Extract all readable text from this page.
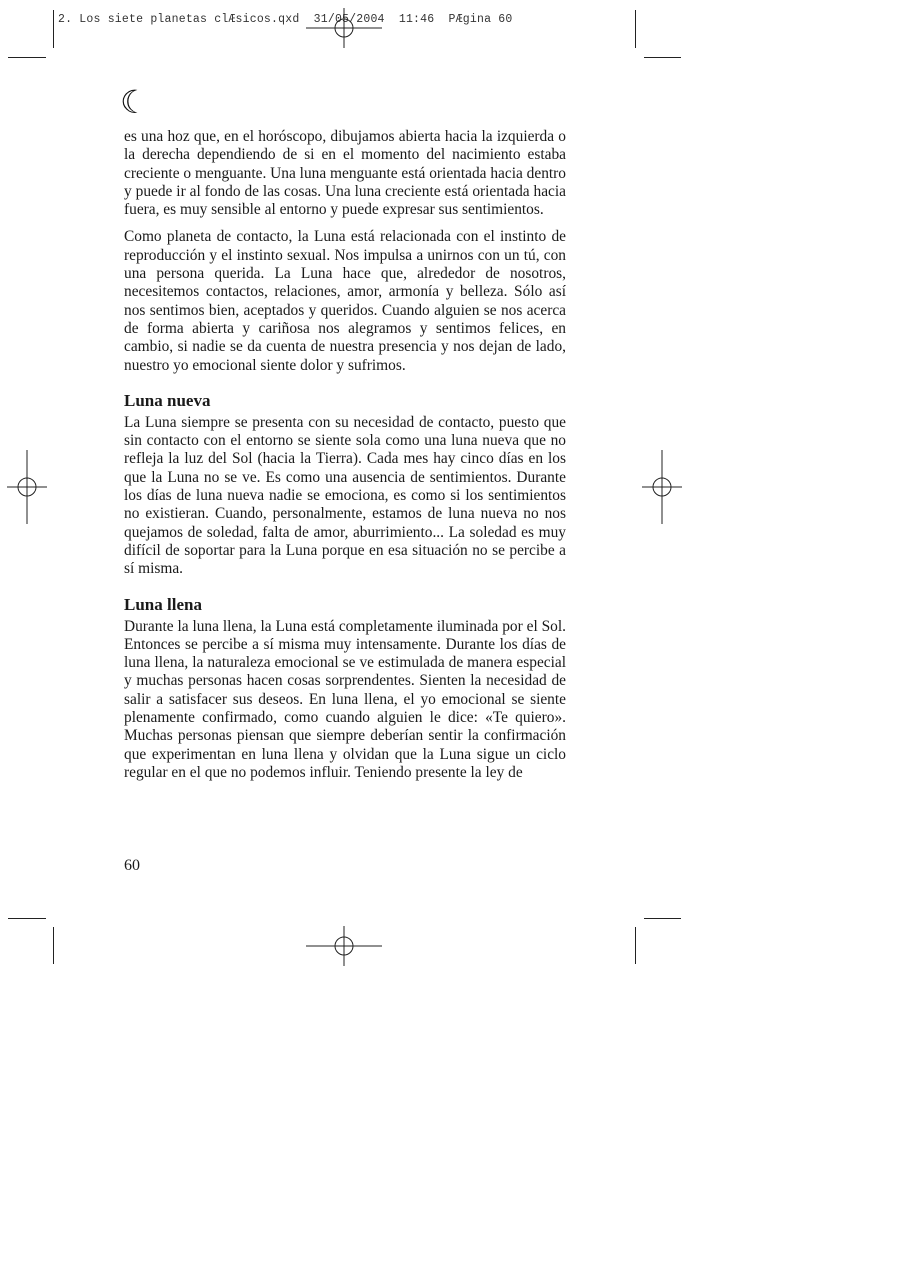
2. Los siete planetas clÆsicos.qxd  31/05/2004  11:46  PÆgina 60
☾

es una hoz que, en el horóscopo, dibujamos abierta hacia la izquierda o la derecha dependiendo de si en el momento del nacimiento estaba creciente o menguante. Una luna menguante está orientada hacia dentro y puede ir al fondo de las cosas. Una luna creciente está orientada hacia fuera, es muy sensible al entorno y puede expresar sus sentimientos.

Como planeta de contacto, la Luna está relacionada con el instinto de reproducción y el instinto sexual. Nos impulsa a unirnos con un tú, con una persona querida. La Luna hace que, alrededor de nosotros, necesitemos contactos, relaciones, amor, armonía y belleza. Sólo así nos sentimos bien, aceptados y queridos. Cuando alguien se nos acerca de forma abierta y cariñosa nos alegramos y sentimos felices, en cambio, si nadie se da cuenta de nuestra presencia y nos dejan de lado, nuestro yo emocional siente dolor y sufrimos.

Luna nueva

La Luna siempre se presenta con su necesidad de contacto, puesto que sin contacto con el entorno se siente sola como una luna nueva que no refleja la luz del Sol (hacia la Tierra). Cada mes hay cinco días en los que la Luna no se ve. Es como una ausencia de sentimientos. Durante los días de luna nueva nadie se emociona, es como si los sentimientos no existieran. Cuando, personalmente, estamos de luna nueva no nos quejamos de soledad, falta de amor, aburrimiento... La soledad es muy difícil de soportar para la Luna porque en esa situación no se percibe a sí misma.

Luna llena

Durante la luna llena, la Luna está completamente iluminada por el Sol. Entonces se percibe a sí misma muy intensamente. Durante los días de luna llena, la naturaleza emocional se ve estimulada de manera especial y muchas personas hacen cosas sorprendentes. Sienten la necesidad de salir a satisfacer sus deseos. En luna llena, el yo emocional se siente plenamente confirmado, como cuando alguien le dice: «Te quiero». Muchas personas piensan que siempre deberían sentir la confirmación que experimentan en luna llena y olvidan que la Luna sigue un ciclo regular en el que no podemos influir. Teniendo presente la ley de

60
